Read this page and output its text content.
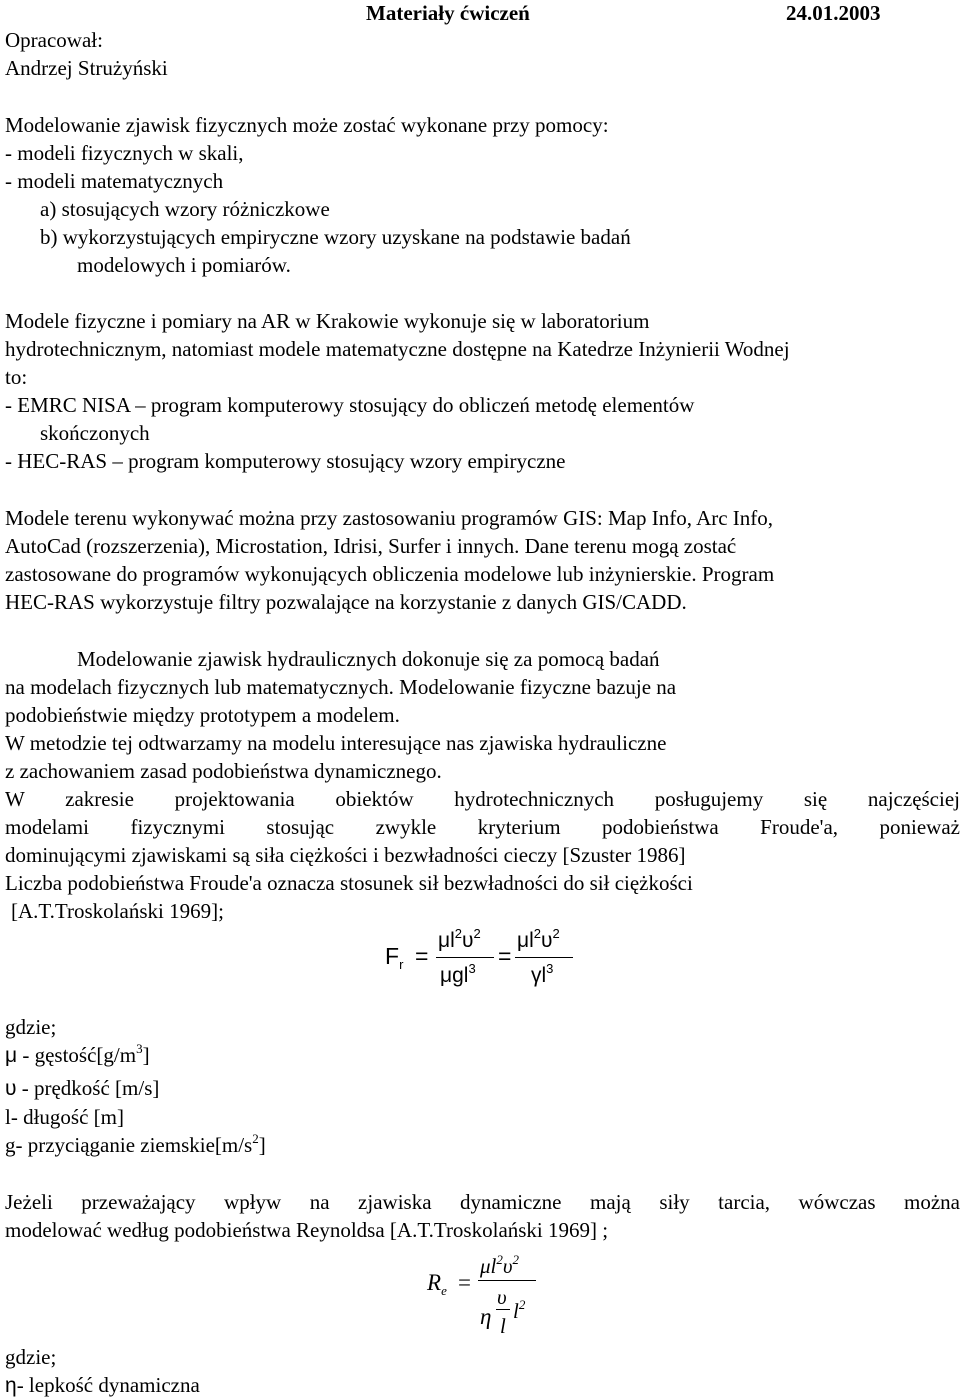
Materiały ćwiczeń	24.01.2003
Opracował:
Andrzej Strużyński
Modelowanie zjawisk fizycznych może zostać wykonane przy pomocy:
- modeli fizycznych w skali,
- modeli matematycznych
a) stosujących wzory różniczkowe
b) wykorzystujących empiryczne wzory uzyskane na podstawie badań
modelowych i pomiarów.
Modele fizyczne i pomiary na AR w Krakowie wykonuje się w laboratorium
hydrotechnicznym, natomiast modele matematyczne dostępne na Katedrze Inżynierii Wodnej
to:
- EMRC NISA – program komputerowy stosujący do obliczeń metodę elementów
skończonych
- HEC-RAS – program komputerowy stosujący wzory empiryczne
Modele terenu wykonywać można przy zastosowaniu programów GIS: Map Info, Arc Info,
AutoCad (rozszerzenia), Microstation, Idrisi, Surfer i innych. Dane terenu mogą zostać
zastosowane do programów wykonujących obliczenia modelowe lub inżynierskie. Program
HEC-RAS wykorzystuje filtry pozwalające na korzystanie z danych GIS/CADD.
Modelowanie zjawisk hydraulicznych dokonuje się za pomocą badań
na modelach fizycznych lub matematycznych. Modelowanie fizyczne bazuje na
podobieństwie między prototypem a modelem.
W metodzie tej odtwarzamy na modelu interesujące nas zjawiska hydrauliczne
z zachowaniem zasad podobieństwa dynamicznego.
W zakresie projektowania obiektów hydrotechnicznych posługujemy się najczęściej
modelami fizycznymi stosując zwykle kryterium podobieństwa Froude'a, ponieważ
dominującymi zjawiskami są siła ciężkości i bezwładności cieczy [Szuster 1986]
Liczba podobieństwa Froude'a oznacza stosunek sił bezwładności do sił ciężkości
[A.T.Troskolański 1969];
$F_r$ =
$\mu l^2\upsilon^2$
μgl$^3$ =
$\mu l^2\upsilon^2$
$\gamma l^3$
gdzie;
μ - $gęstość[g/m^3]$
υ - prędkość [m/s]
l- długość [m]
g- przyciąganie $ziemskie[m/s^2]$
Jeżeli przeważający wpływ na zjawiska dynamiczne mają siły tarcia, wówczas można
modelować według podobieństwa Reynoldsa [A.T.Troskolański 1969] ;
$R_e$ =
$\mu l^2\upsilon^2$
η
υ
l
$l^2$
gdzie;
η- lepkość dynamiczna
